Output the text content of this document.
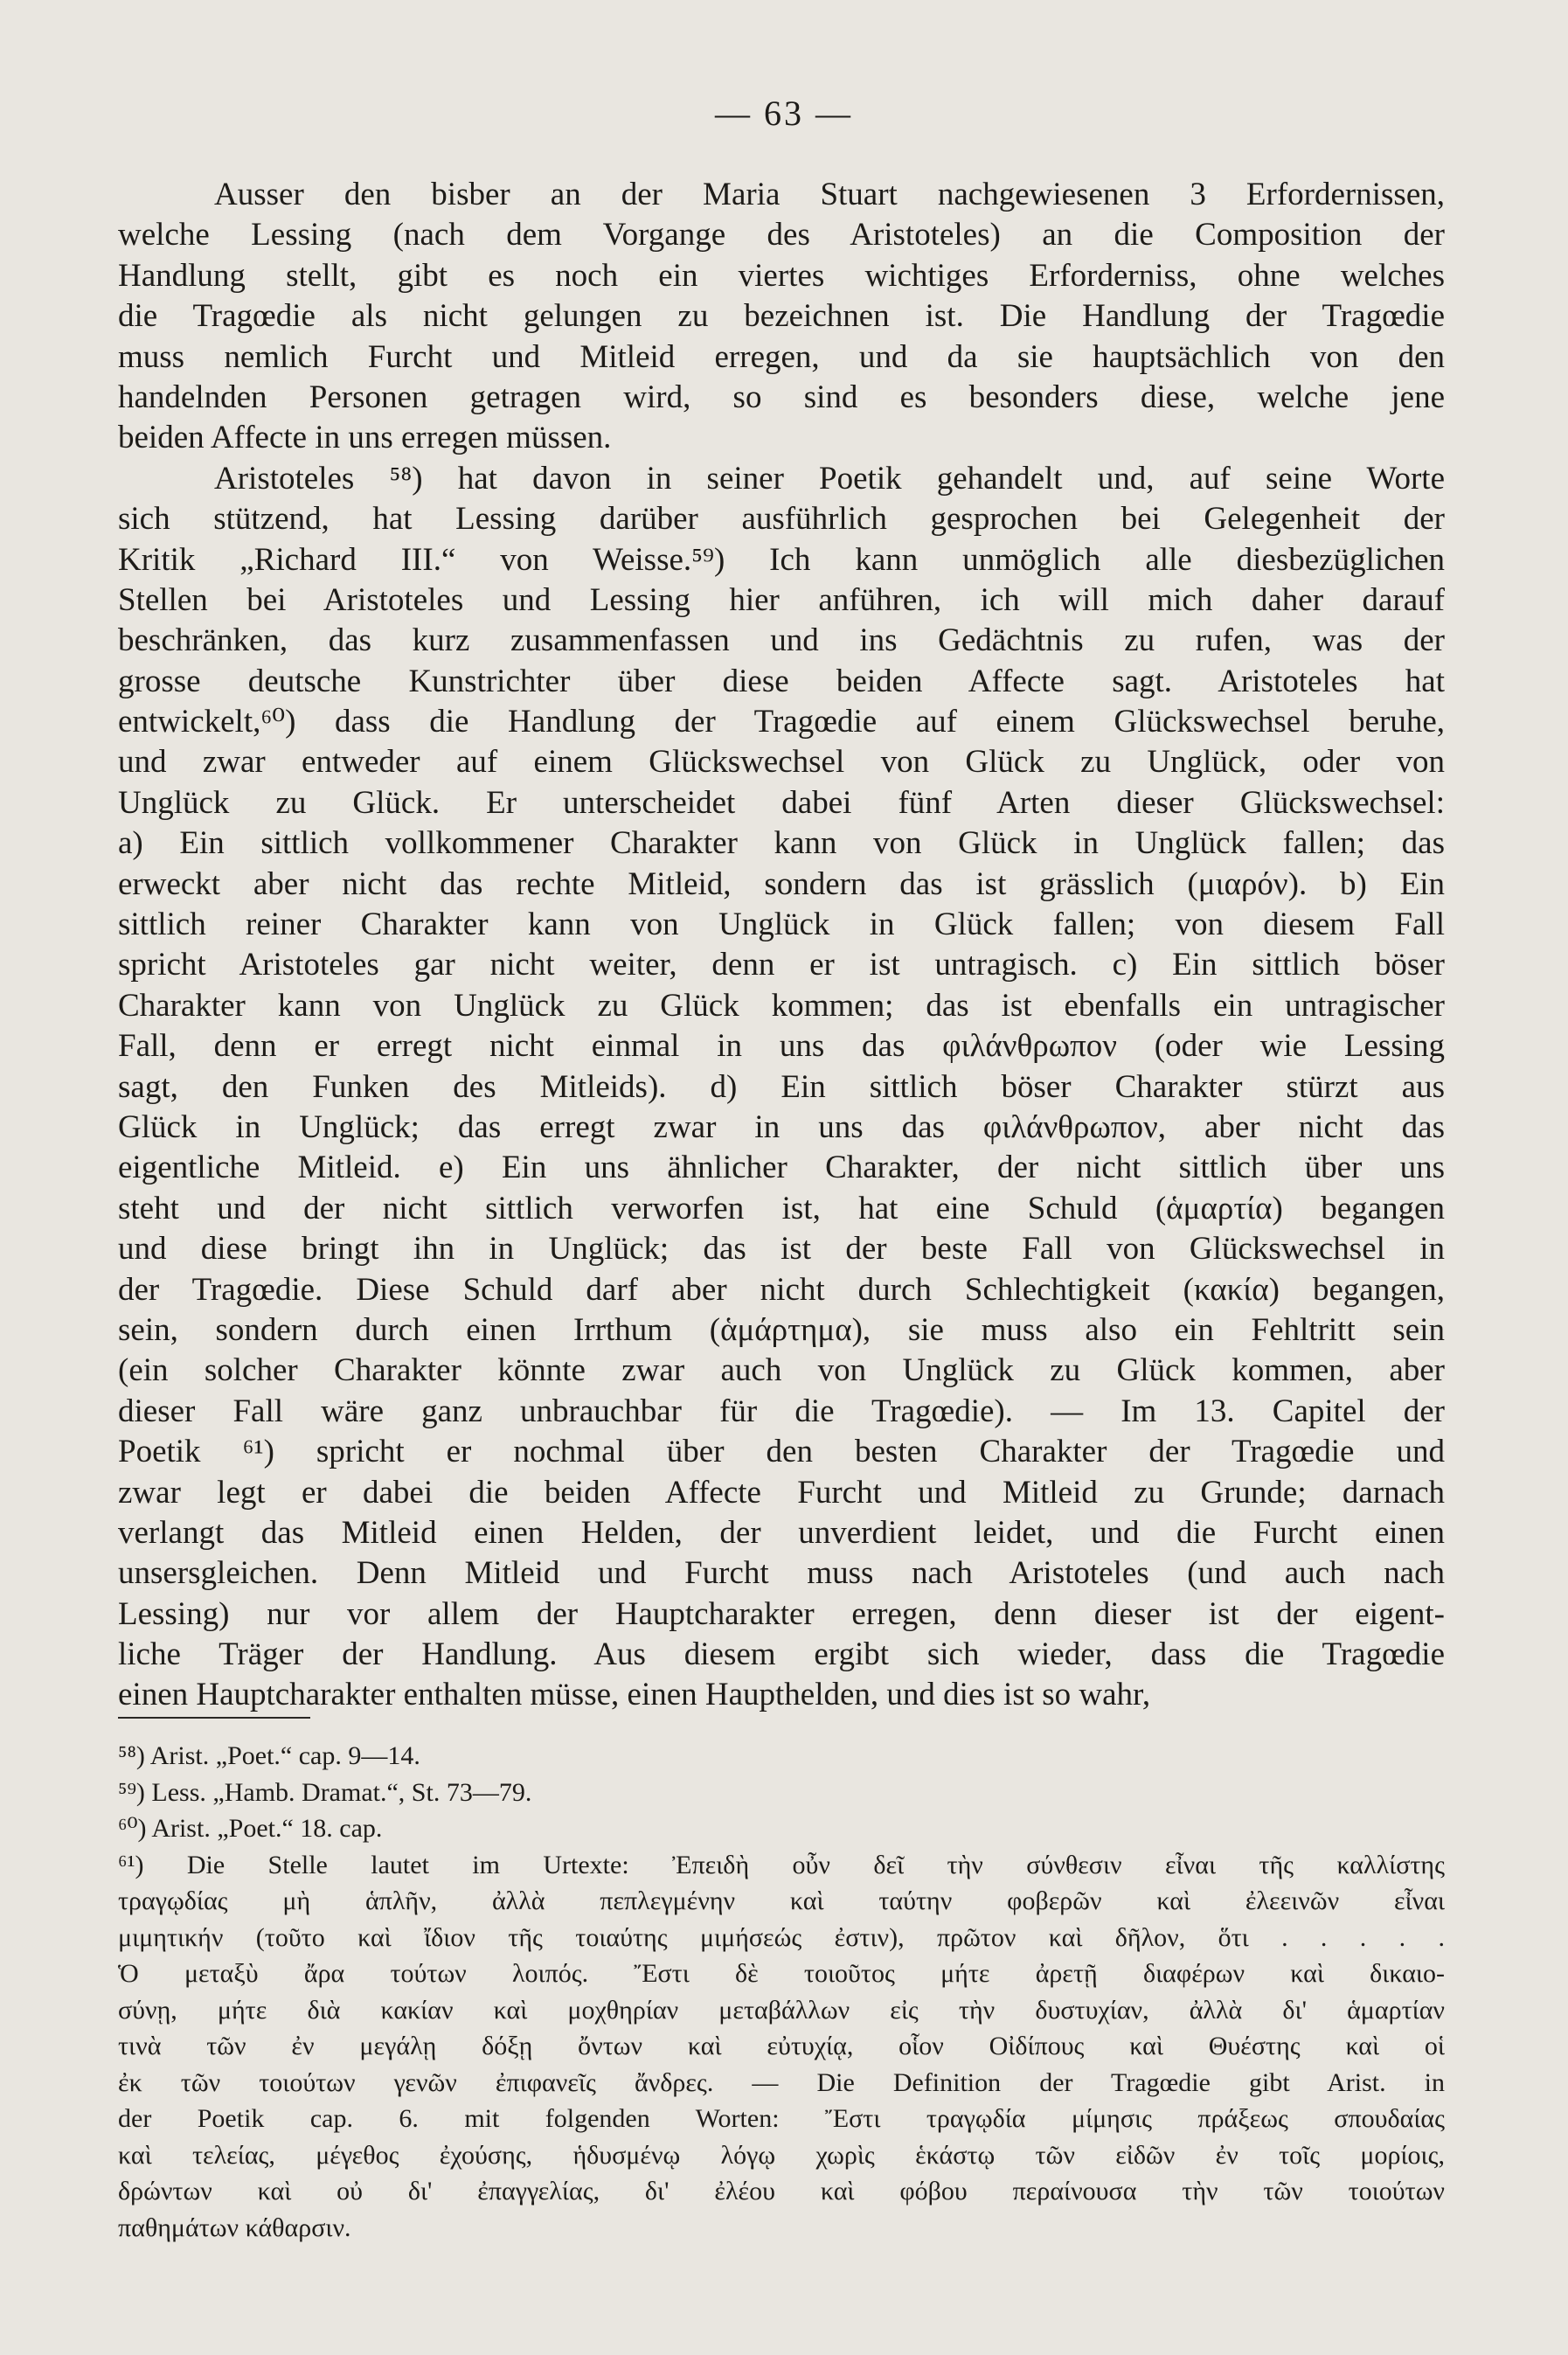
— 63 —
Ausser den bisber an der Maria Stuart nachgewiesenen 3 Erfordernissen,
welche Lessing (nach dem Vorgange des Aristoteles) an die Composition der
Handlung stellt, gibt es noch ein viertes wichtiges Erforderniss, ohne welches
die Tragœdie als nicht gelungen zu bezeichnen ist. Die Handlung der Tragœdie
muss nemlich Furcht und Mitleid erregen, und da sie hauptsächlich von den
handelnden Personen getragen wird, so sind es besonders diese, welche jene
beiden Affecte in uns erregen müssen.
Aristoteles ⁵⁸) hat davon in seiner Poetik gehandelt und, auf seine Worte
sich stützend, hat Lessing darüber ausführlich gesprochen bei Gelegenheit der
Kritik „Richard III.“ von Weisse.⁵⁹) Ich kann unmöglich alle diesbezüglichen
Stellen bei Aristoteles und Lessing hier anführen, ich will mich daher darauf
beschränken, das kurz zusammenfassen und ins Gedächtnis zu rufen, was der
grosse deutsche Kunstrichter über diese beiden Affecte sagt. Aristoteles hat
entwickelt,⁶⁰) dass die Handlung der Tragœdie auf einem Glückswechsel beruhe,
und zwar entweder auf einem Glückswechsel von Glück zu Unglück, oder von
Unglück zu Glück. Er unterscheidet dabei fünf Arten dieser Glückswechsel:
a) Ein sittlich vollkommener Charakter kann von Glück in Unglück fallen; das
erweckt aber nicht das rechte Mitleid, sondern das ist grässlich (μιαρόν). b) Ein
sittlich reiner Charakter kann von Unglück in Glück fallen; von diesem Fall
spricht Aristoteles gar nicht weiter, denn er ist untragisch. c) Ein sittlich böser
Charakter kann von Unglück zu Glück kommen; das ist ebenfalls ein untragischer
Fall, denn er erregt nicht einmal in uns das φιλάνθρωπον (oder wie Lessing
sagt, den Funken des Mitleids). d) Ein sittlich böser Charakter stürzt aus
Glück in Unglück; das erregt zwar in uns das φιλάνθρωπον, aber nicht das
eigentliche Mitleid. e) Ein uns ähnlicher Charakter, der nicht sittlich über uns
steht und der nicht sittlich verworfen ist, hat eine Schuld (ἁμαρτία) begangen
und diese bringt ihn in Unglück; das ist der beste Fall von Glückswechsel in
der Tragœdie. Diese Schuld darf aber nicht durch Schlechtigkeit (κακία) begangen,
sein, sondern durch einen Irrthum (ἁμάρτημα), sie muss also ein Fehltritt sein
(ein solcher Charakter könnte zwar auch von Unglück zu Glück kommen, aber
dieser Fall wäre ganz unbrauchbar für die Tragœdie). — Im 13. Capitel der
Poetik ⁶¹) spricht er nochmal über den besten Charakter der Tragœdie und
zwar legt er dabei die beiden Affecte Furcht und Mitleid zu Grunde; darnach
verlangt das Mitleid einen Helden, der unverdient leidet, und die Furcht einen
unsersgleichen. Denn Mitleid und Furcht muss nach Aristoteles (und auch nach
Lessing) nur vor allem der Hauptcharakter erregen, denn dieser ist der eigent-
liche Träger der Handlung. Aus diesem ergibt sich wieder, dass die Tragœdie
einen Hauptcharakter enthalten müsse, einen Haupthelden, und dies ist so wahr,
⁵⁸) Arist. „Poet.“ cap. 9—14.
⁵⁹) Less. „Hamb. Dramat.“, St. 73—79.
⁶⁰) Arist. „Poet.“ 18. cap.
⁶¹) Die Stelle lautet im Urtexte: Ἐπειδὴ οὖν δεῖ τὴν σύνθεσιν εἶναι τῆς καλλίστης
τραγῳδίας μὴ ἁπλῆν, ἀλλὰ πεπλεγμένην καὶ ταύτην φοβερῶν καὶ ἐλεεινῶν εἶναι
μιμητικήν (τοῦτο καὶ ἴδιον τῆς τοιαύτης μιμήσεώς ἐστιν), πρῶτον καὶ δῆλον, ὅτι . . . . .
Ὁ μεταξὺ ἄρα τούτων λοιπός. Ἔστι δὲ τοιοῦτος μήτε ἀρετῇ διαφέρων καὶ δικαιο-
σύνῃ, μήτε διὰ κακίαν καὶ μοχθηρίαν μεταβάλλων εἰς τὴν δυστυχίαν, ἀλλὰ δι' ἁμαρτίαν
τινὰ τῶν ἐν μεγάλῃ δόξῃ ὄντων καὶ εὐτυχίᾳ, οἷον Οἰδίπους καὶ Θυέστης καὶ οἱ
ἐκ τῶν τοιούτων γενῶν ἐπιφανεῖς ἄνδρες. — Die Definition der Tragœdie gibt Arist. in
der Poetik cap. 6. mit folgenden Worten: Ἔστι τραγῳδία μίμησις πράξεως σπουδαίας
καὶ τελείας, μέγεθος ἐχούσης, ἡδυσμένῳ λόγῳ χωρὶς ἑκάστῳ τῶν εἰδῶν ἐν τοῖς μορίοις,
δρώντων καὶ οὐ δι' ἐπαγγελίας, δι' ἐλέου καὶ φόβου περαίνουσα τὴν τῶν τοιούτων
παθημάτων κάθαρσιν.
